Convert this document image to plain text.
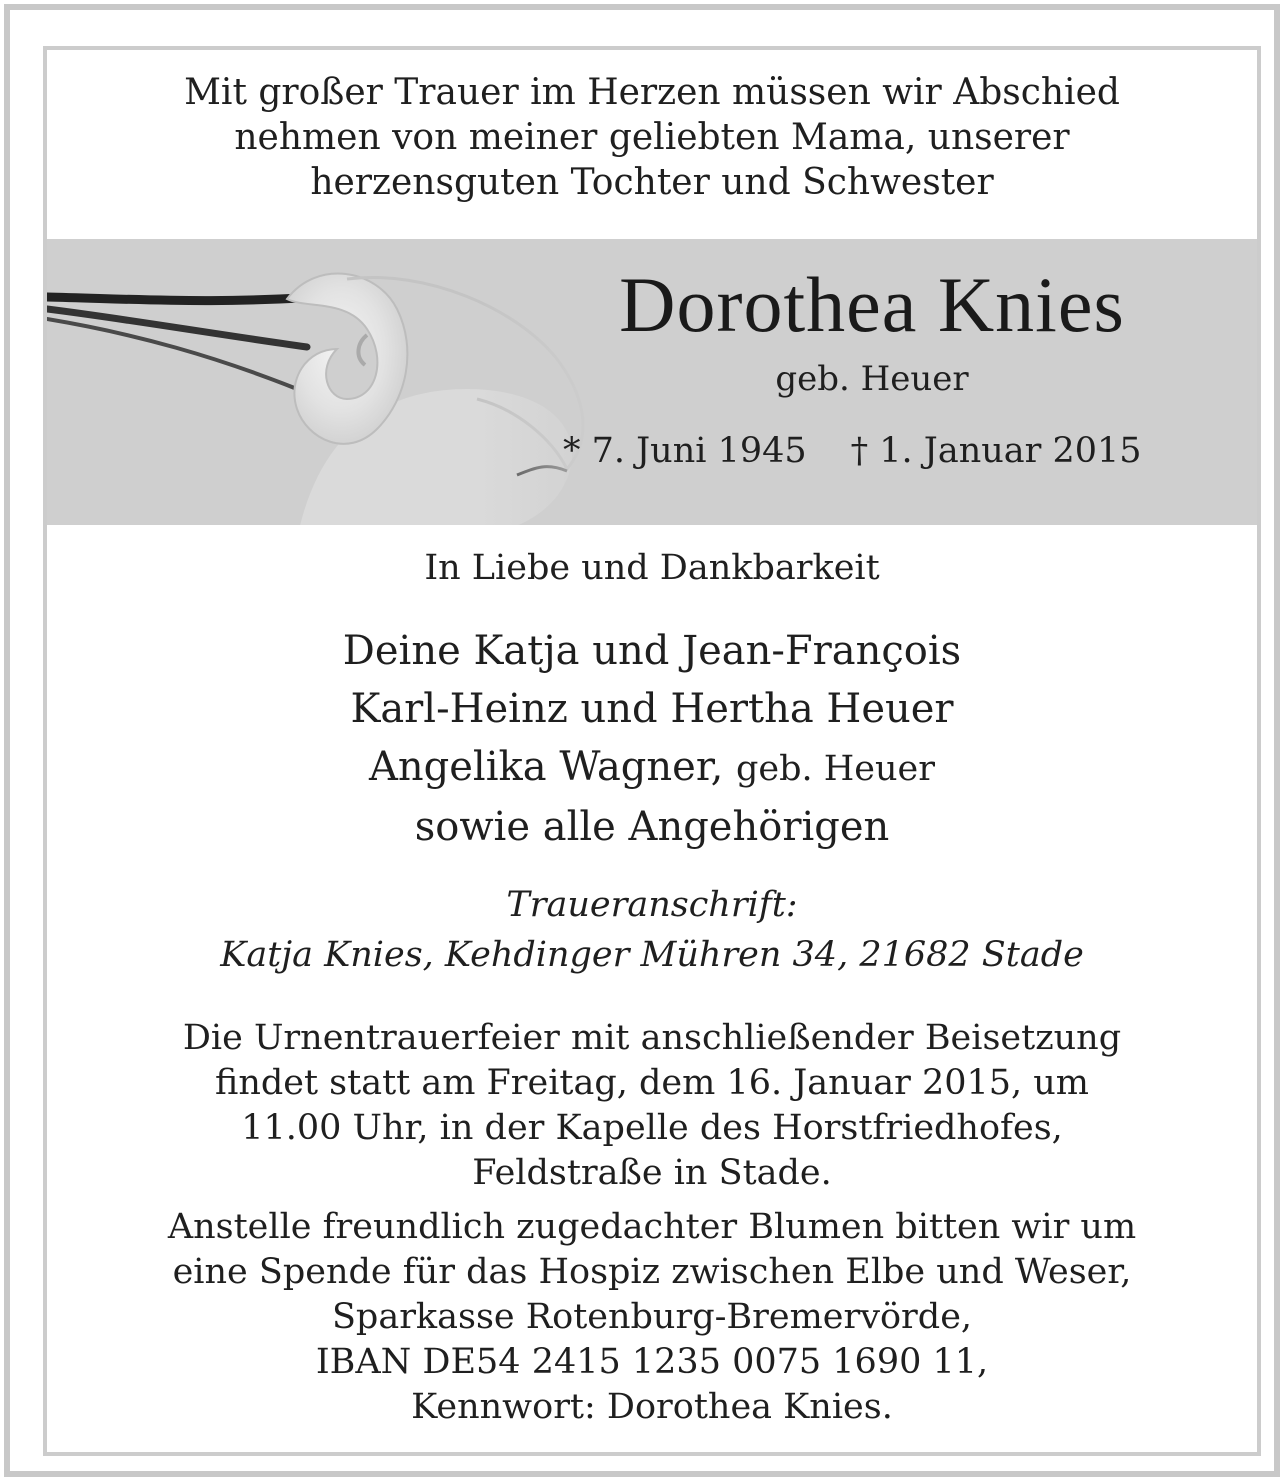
Mit großer Trauer im Herzen müssen wir Abschied
nehmen von meiner geliebten Mama, unserer
herzensguten Tochter und Schwester
Dorothea Knies
geb. Heuer
* 7. Juni 1945 † 1. Januar 2015
In Liebe und Dankbarkeit
Deine Katja und Jean-François
Karl-Heinz und Hertha Heuer
Angelika Wagner, geb. Heuer
sowie alle Angehörigen
Traueranschrift:
Katja Knies, Kehdinger Mühren 34, 21682 Stade
Die Urnentrauerfeier mit anschließender Beisetzung
findet statt am Freitag, dem 16. Januar 2015, um
11.00 Uhr, in der Kapelle des Horstfriedhofes,
Feldstraße in Stade.
Anstelle freundlich zugedachter Blumen bitten wir um
eine Spende für das Hospiz zwischen Elbe und Weser,
Sparkasse Rotenburg-Bremervörde,
IBAN DE54 2415 1235 0075 1690 11,
Kennwort: Dorothea Knies.
